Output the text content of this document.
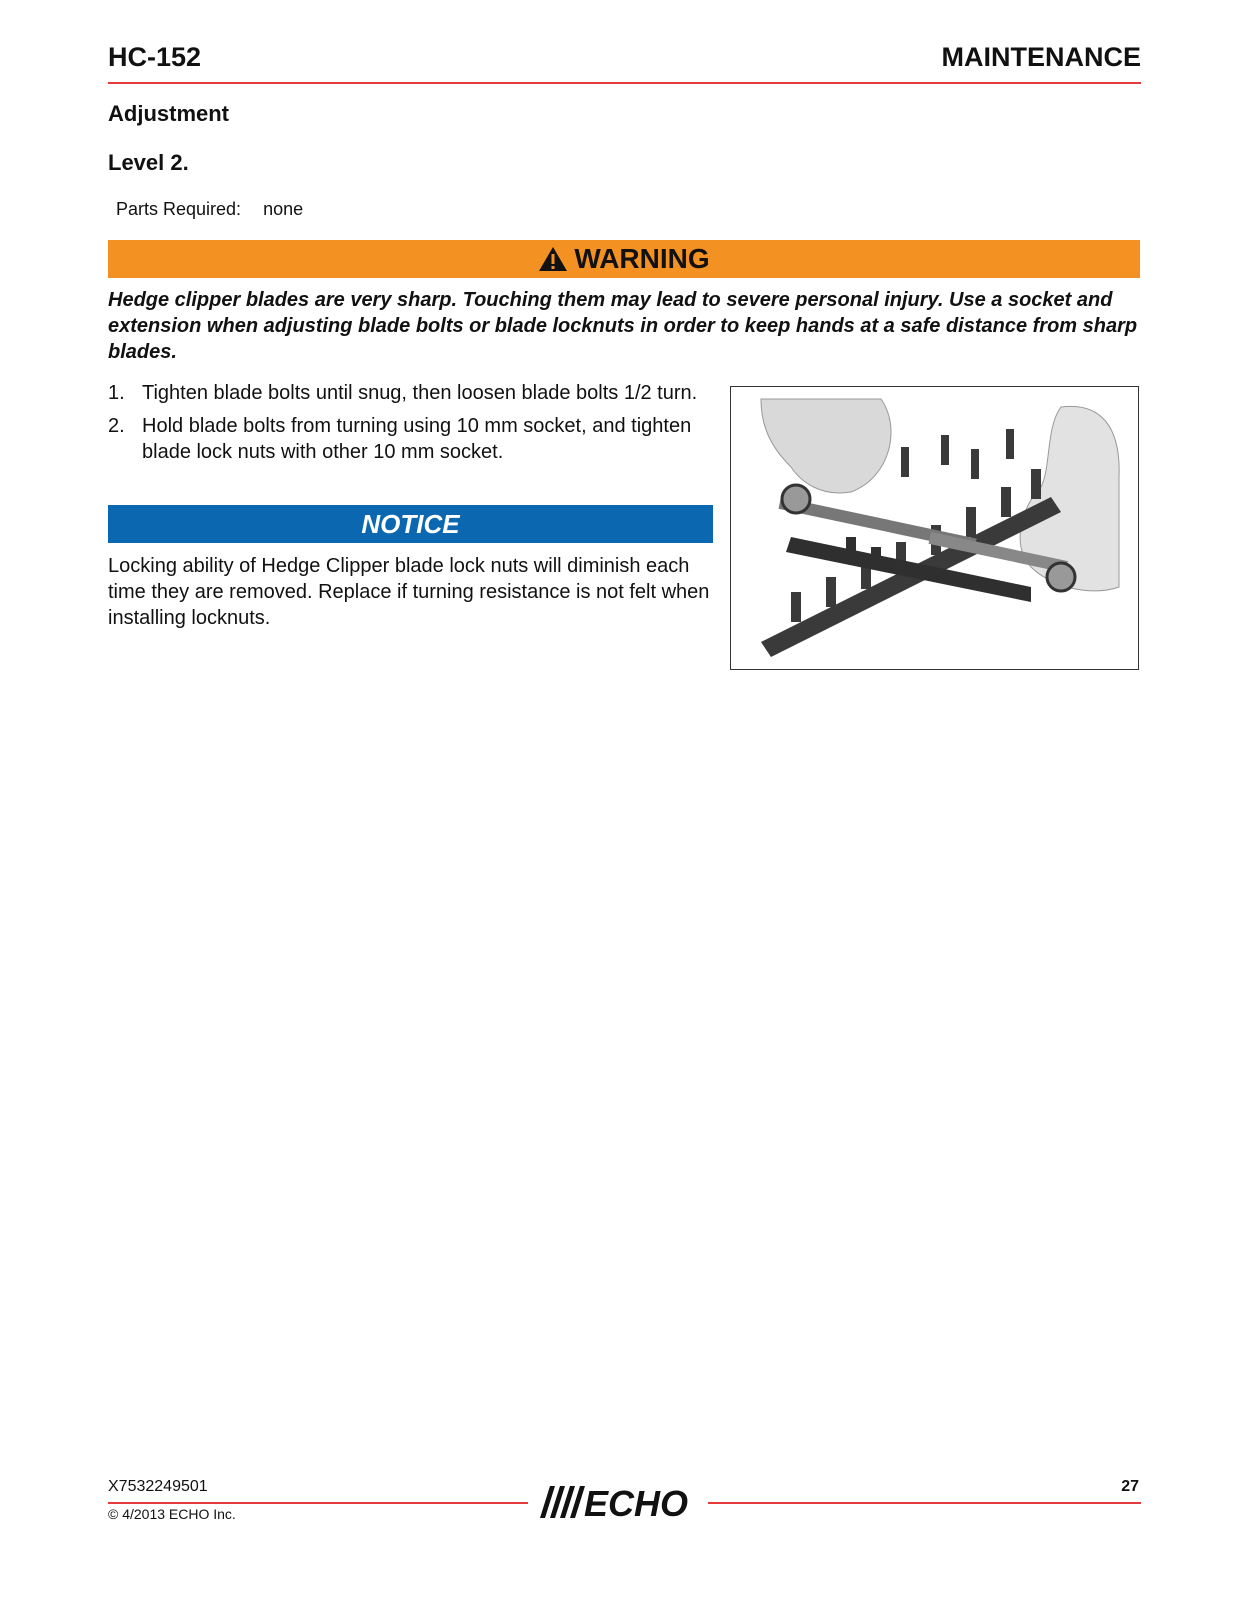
HC-152	MAINTENANCE
Adjustment
Level 2.
Parts Required: none
WARNING
Hedge clipper blades are very sharp. Touching them may lead to severe personal injury. Use a socket and extension when adjusting blade bolts or blade locknuts in order to keep hands at a safe distance from sharp blades.
1. Tighten blade bolts until snug, then loosen blade bolts 1/2 turn.
2. Hold blade bolts from turning using 10 mm socket, and tighten blade lock nuts with other 10 mm socket.
NOTICE
Locking ability of Hedge Clipper blade lock nuts will diminish each time they are removed. Replace if turning resistance is not felt when installing locknuts.
X7532249501	ECHO	27
© 4/2013 ECHO Inc.
